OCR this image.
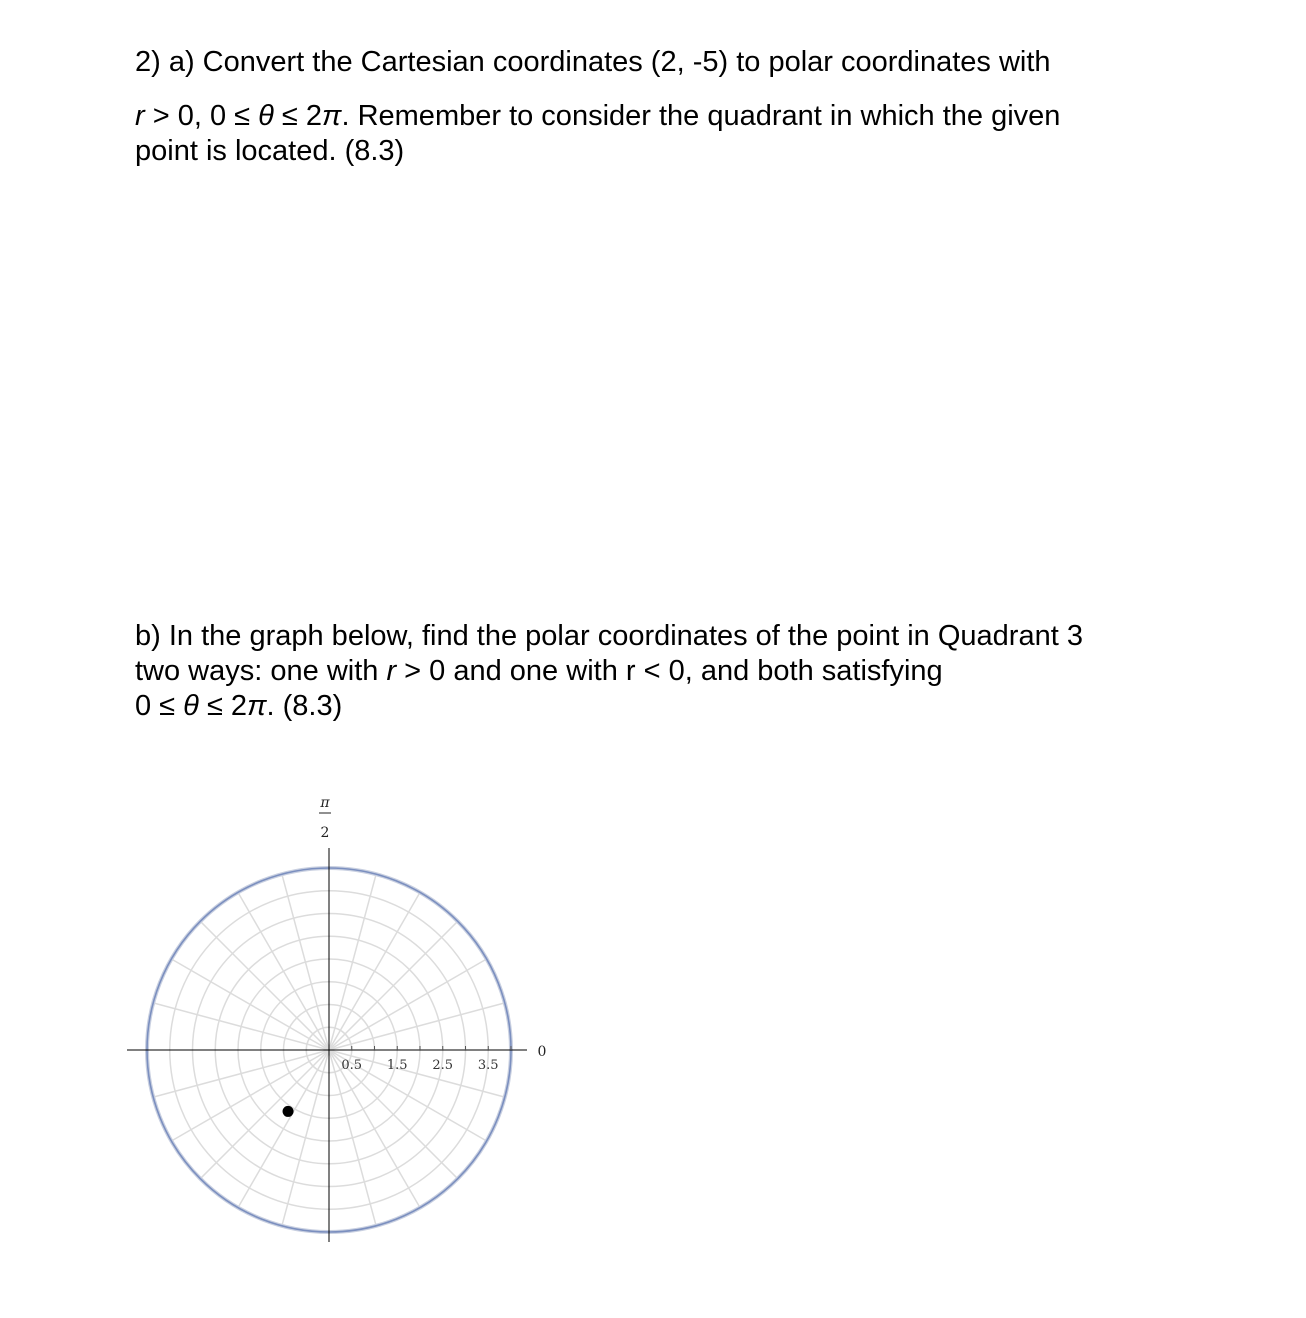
2) a) Convert the Cartesian coordinates (2, -5) to polar coordinates with
r > 0, 0 ≤ θ ≤ 2π. Remember to consider the quadrant in which the given
point is located. (8.3)
b) In the graph below, find the polar coordinates of the point in Quadrant 3
two ways: one with r > 0 and one with r < 0, and both satisfying
0 ≤ θ ≤ 2π. (8.3)
0.5 1.5 2.5 3.5
π
2
0
